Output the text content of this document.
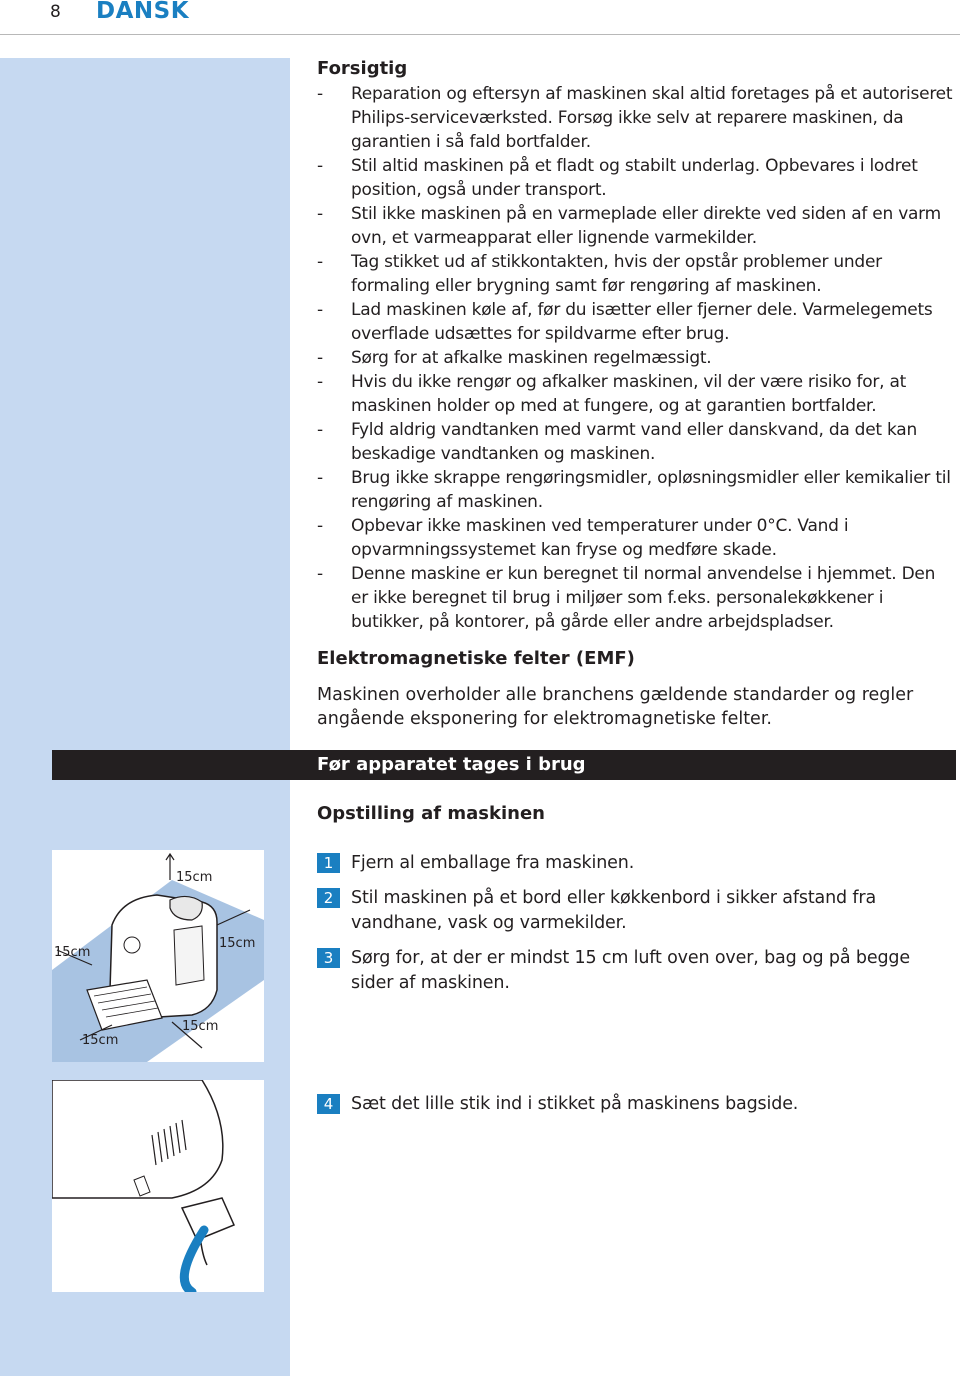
8 DANSK
Forsigtig
- Reparation og eftersyn af maskinen skal altid foretages på et autoriseret Philips-serviceværksted. Forsøg ikke selv at reparere maskinen, da garantien i så fald bortfalder.
- Stil altid maskinen på et fladt og stabilt underlag. Opbevares i lodret position, også under transport.
- Stil ikke maskinen på en varmeplade eller direkte ved siden af en varm ovn, et varmeapparat eller lignende varmekilder.
- Tag stikket ud af stikkontakten, hvis der opstår problemer under formaling eller brygning samt før rengøring af maskinen.
- Lad maskinen køle af, før du isætter eller fjerner dele. Varmelegemets overflade udsættes for spildvarme efter brug.
- Sørg for at afkalke maskinen regelmæssigt.
- Hvis du ikke rengør og afkalker maskinen, vil der være risiko for, at maskinen holder op med at fungere, og at garantien bortfalder.
- Fyld aldrig vandtanken med varmt vand eller danskvand, da det kan beskadige vandtanken og maskinen.
- Brug ikke skrappe rengøringsmidler, opløsningsmidler eller kemikalier til rengøring af maskinen.
- Opbevar ikke maskinen ved temperaturer under 0°C. Vand i opvarmningssystemet kan fryse og medføre skade.
- Denne maskine er kun beregnet til normal anvendelse i hjemmet. Den er ikke beregnet til brug i miljøer som f.eks. personalekøkkener i butikker, på kontorer, på gårde eller andre arbejdspladser.
Elektromagnetiske felter (EMF)

Maskinen overholder alle branchens gældende standarder og regler angående eksponering for elektromagnetiske felter.

Før apparatet tages i brug
Opstilling af maskinen
1	Fjern al emballage fra maskinen.
2	Stil maskinen på et bord eller køkkenbord i sikker afstand fra vandhane, vask og varmekilder.
3	Sørg for, at der er mindst 15 cm luft oven over, bag og på begge sider af maskinen.
4	Sæt det lille stik ind i stikket på maskinens bagside.
15cm
15cm
15cm
15cm
15cm
